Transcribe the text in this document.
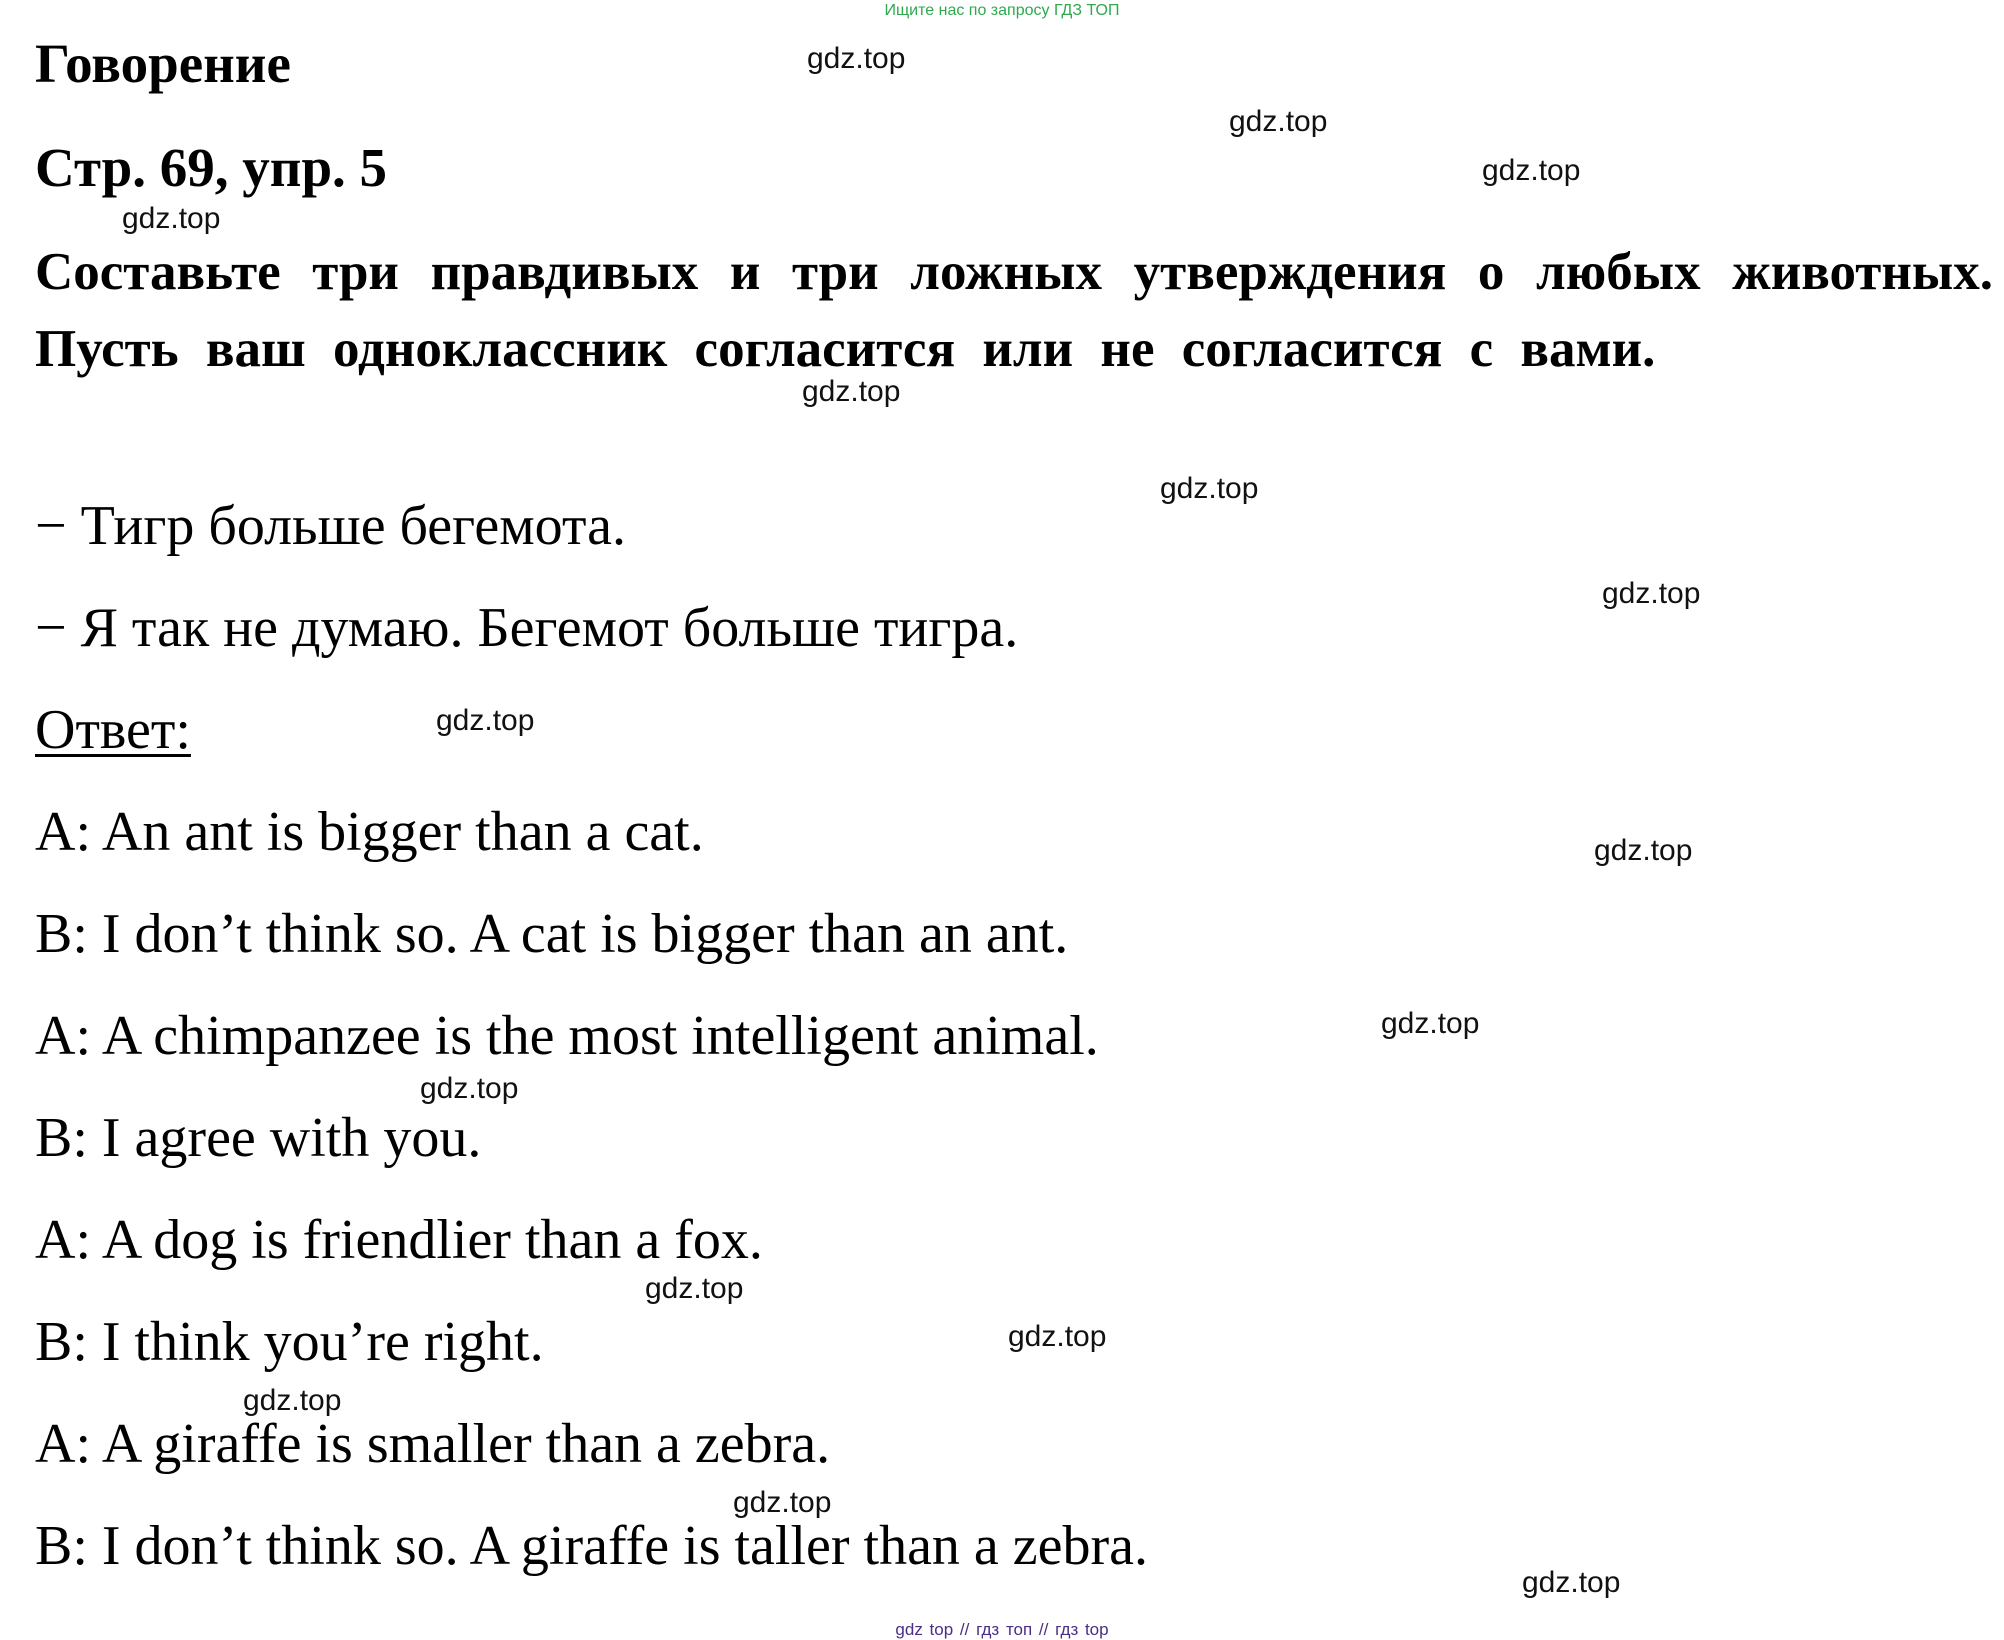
Ищите нас по запросу ГДЗ ТОП
Говорение
Стр. 69, упр. 5
Составьте три правдивых и три ложных утверждения о любых животных. Пусть ваш одноклассник согласится или не согласится с вами.
− Тигр больше бегемота.
− Я так не думаю. Бегемот больше тигра.
Ответ:
A: An ant is bigger than a cat.
B: I don’t think so. A cat is bigger than an ant.
A: A chimpanzee is the most intelligent animal.
B: I agree with you.
A: A dog is friendlier than a fox.
B: I think you’re right.
A: A giraffe is smaller than a zebra.
B: I don’t think so. A giraffe is taller than a zebra.
gdz.top
gdz.top
gdz.top
gdz.top
gdz.top
gdz.top
gdz.top
gdz.top
gdz.top
gdz.top
gdz.top
gdz.top
gdz.top
gdz.top
gdz.top
gdz.top
gdz top // гдз топ // гдз top
